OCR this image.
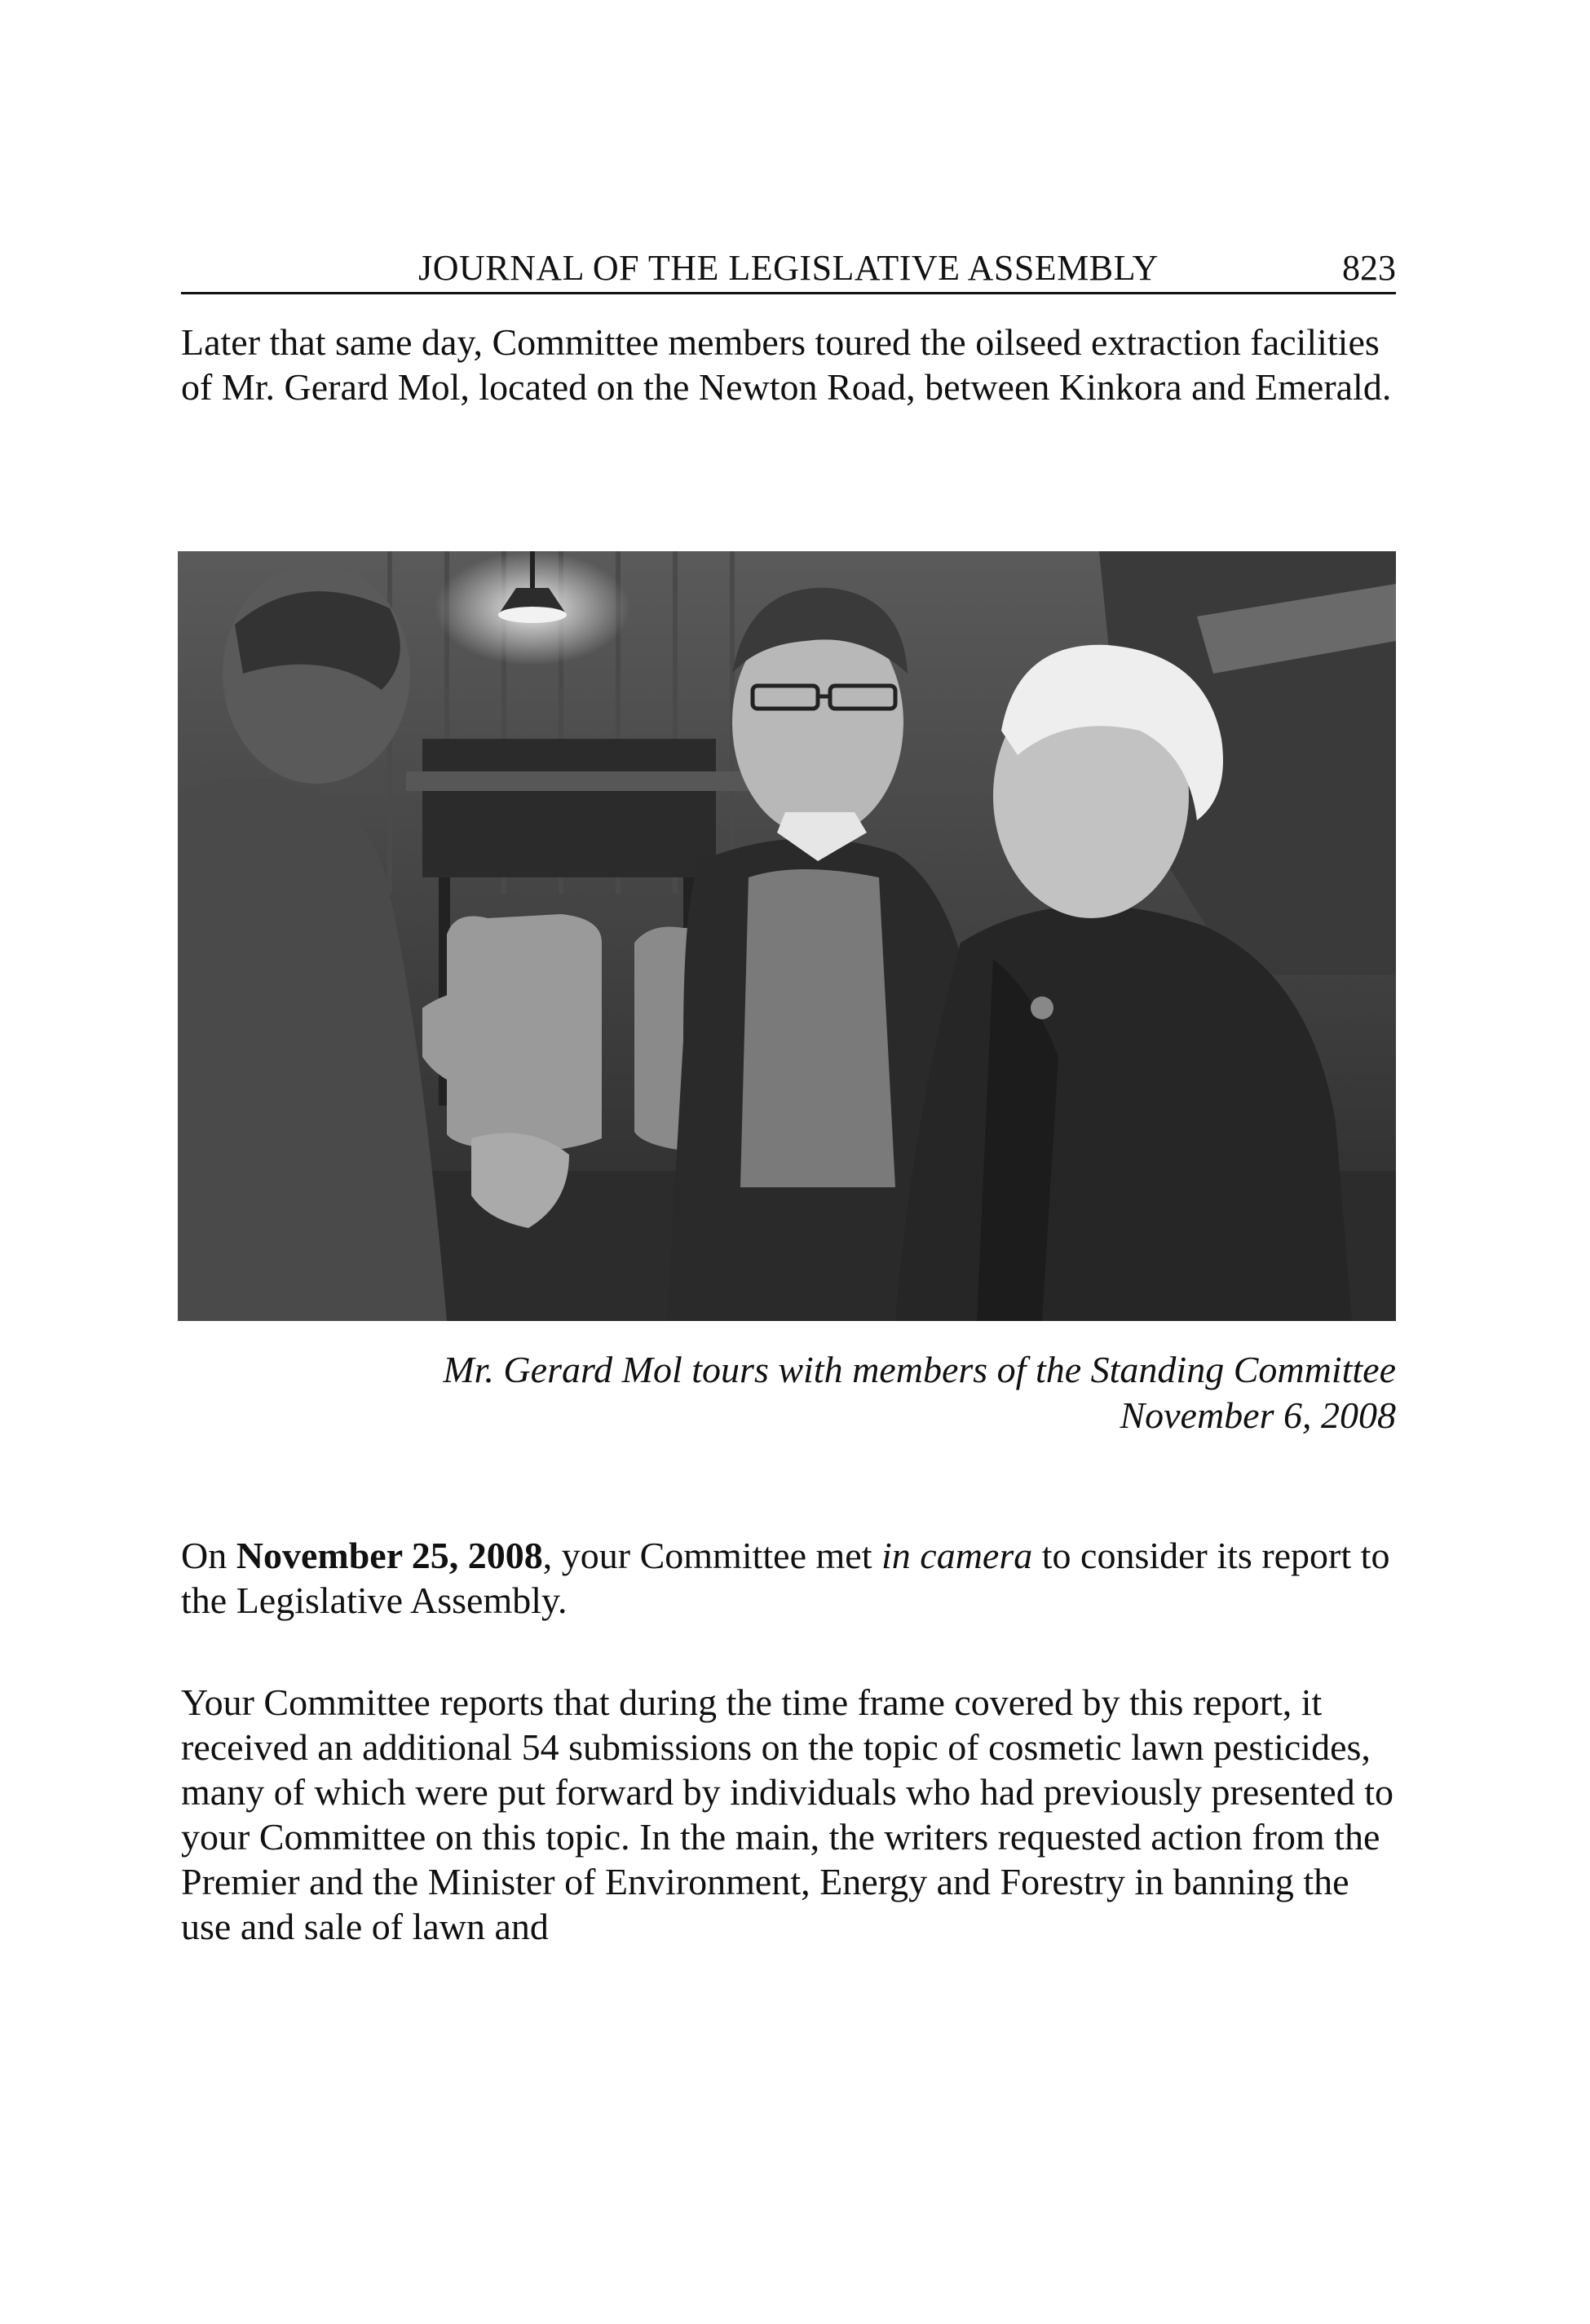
JOURNAL OF THE LEGISLATIVE ASSEMBLY	823

Later that same day, Committee members toured the oilseed extraction facilities of Mr. Gerard Mol, located on the Newton Road, between Kinkora and Emerald.

Mr. Gerard Mol tours with members of the Standing Committee
November 6, 2008

On November 25, 2008, your Committee met in camera to consider its report to the Legislative Assembly.

Your Committee reports that during the time frame covered by this report, it received an additional 54 submissions on the topic of cosmetic lawn pesticides, many of which were put forward by individuals who had previously presented to your Committee on this topic. In the main, the writers requested action from the Premier and the Minister of Environment, Energy and Forestry in banning the use and sale of lawn and
